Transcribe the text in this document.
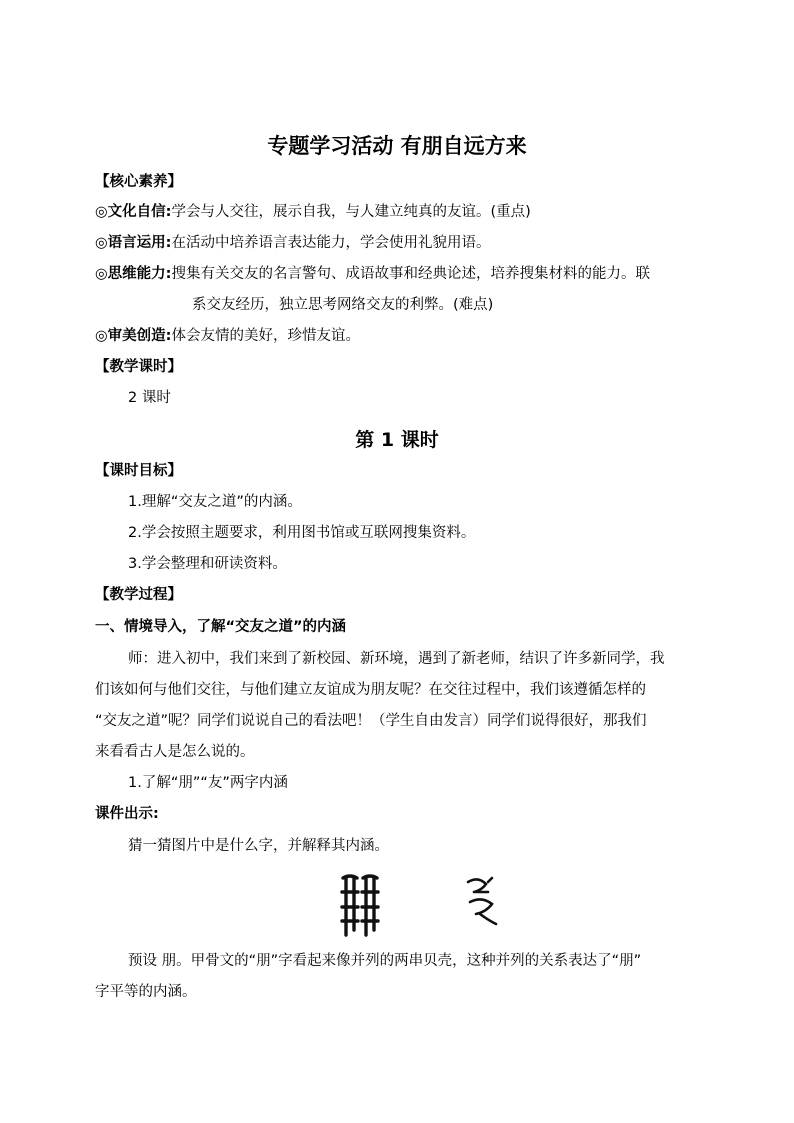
专题学习活动 有朋自远方来
【核心素养】
◎文化自信:学会与人交往，展示自我，与人建立纯真的友谊。(重点)
◎语言运用:在活动中培养语言表达能力，学会使用礼貌用语。
◎思维能力:搜集有关交友的名言警句、成语故事和经典论述，培养搜集材料的能力。联
系交友经历，独立思考网络交友的利弊。(难点)
◎审美创造:体会友情的美好，珍惜友谊。
【教学课时】
2 课时
第 1 课时
【课时目标】
1.理解“交友之道”的内涵。
2.学会按照主题要求，利用图书馆或互联网搜集资料。
3.学会整理和研读资料。
【教学过程】
一、情境导入，了解“交友之道”的内涵
师：进入初中，我们来到了新校园、新环境，遇到了新老师，结识了许多新同学，我
们该如何与他们交往，与他们建立友谊成为朋友呢？在交往过程中，我们该遵循怎样的
“交友之道”呢？同学们说说自己的看法吧！（学生自由发言）同学们说得很好，那我们
来看看古人是怎么说的。
1.了解“朋”“友”两字内涵
课件出示:
猜一猜图片中是什么字，并解释其内涵。
预设 朋。甲骨文的“朋”字看起来像并列的两串贝壳，这种并列的关系表达了“朋”
字平等的内涵。
